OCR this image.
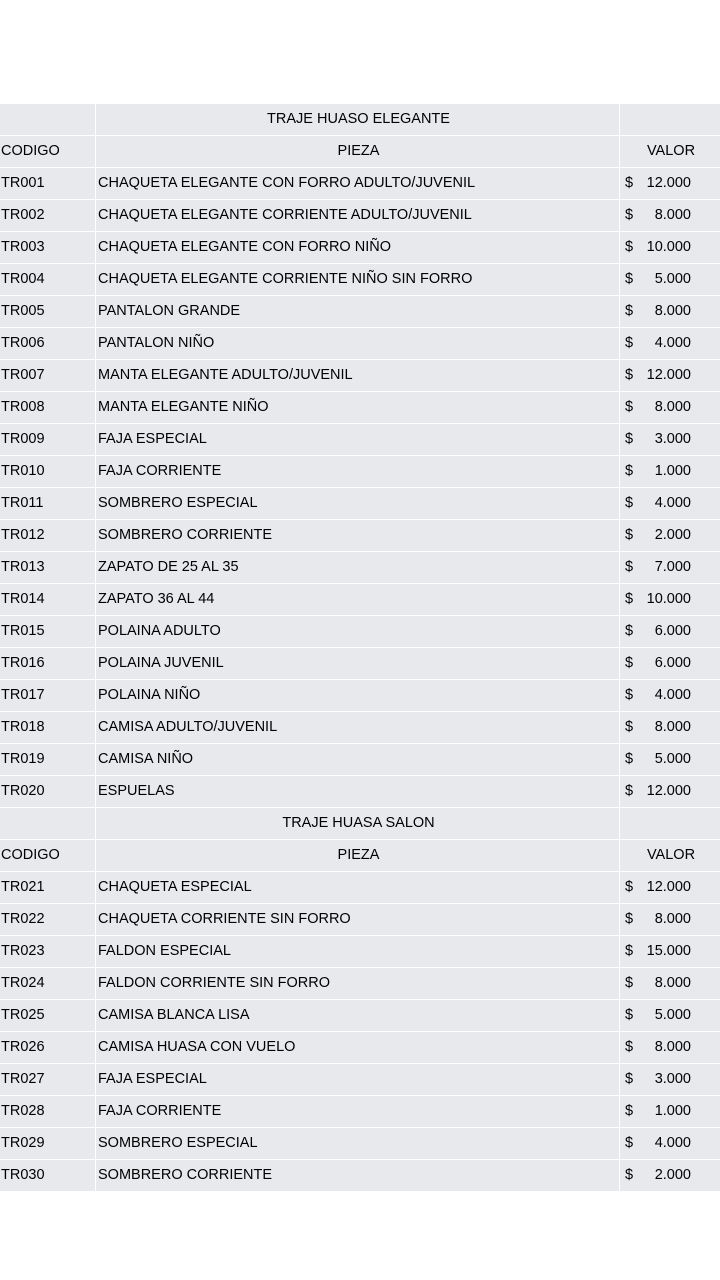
TRAJE HUASO ELEGANTE
CODIGO	PIEZA	VALOR
TR001	CHAQUETA ELEGANTE CON FORRO ADULTO/JUVENIL	$ 12.000
TR002	CHAQUETA ELEGANTE CORRIENTE ADULTO/JUVENIL	$ 8.000
TR003	CHAQUETA ELEGANTE CON FORRO NIÑO	$ 10.000
TR004	CHAQUETA ELEGANTE CORRIENTE NIÑO SIN FORRO	$ 5.000
TR005	PANTALON GRANDE	$ 8.000
TR006	PANTALON NIÑO	$ 4.000
TR007	MANTA ELEGANTE ADULTO/JUVENIL	$ 12.000
TR008	MANTA ELEGANTE NIÑO	$ 8.000
TR009	FAJA ESPECIAL	$ 3.000
TR010	FAJA CORRIENTE	$ 1.000
TR011	SOMBRERO ESPECIAL	$ 4.000
TR012	SOMBRERO CORRIENTE	$ 2.000
TR013	ZAPATO DE 25 AL 35	$ 7.000
TR014	ZAPATO 36 AL 44	$ 10.000
TR015	POLAINA ADULTO	$ 6.000
TR016	POLAINA JUVENIL	$ 6.000
TR017	POLAINA NIÑO	$ 4.000
TR018	CAMISA ADULTO/JUVENIL	$ 8.000
TR019	CAMISA NIÑO	$ 5.000
TR020	ESPUELAS	$ 12.000
TRAJE HUASA SALON
CODIGO	PIEZA	VALOR
TR021	CHAQUETA ESPECIAL	$ 12.000
TR022	CHAQUETA CORRIENTE SIN FORRO	$ 8.000
TR023	FALDON ESPECIAL	$ 15.000
TR024	FALDON CORRIENTE SIN FORRO	$ 8.000
TR025	CAMISA BLANCA LISA	$ 5.000
TR026	CAMISA HUASA CON VUELO	$ 8.000
TR027	FAJA ESPECIAL	$ 3.000
TR028	FAJA CORRIENTE	$ 1.000
TR029	SOMBRERO ESPECIAL	$ 4.000
TR030	SOMBRERO CORRIENTE	$ 2.000
